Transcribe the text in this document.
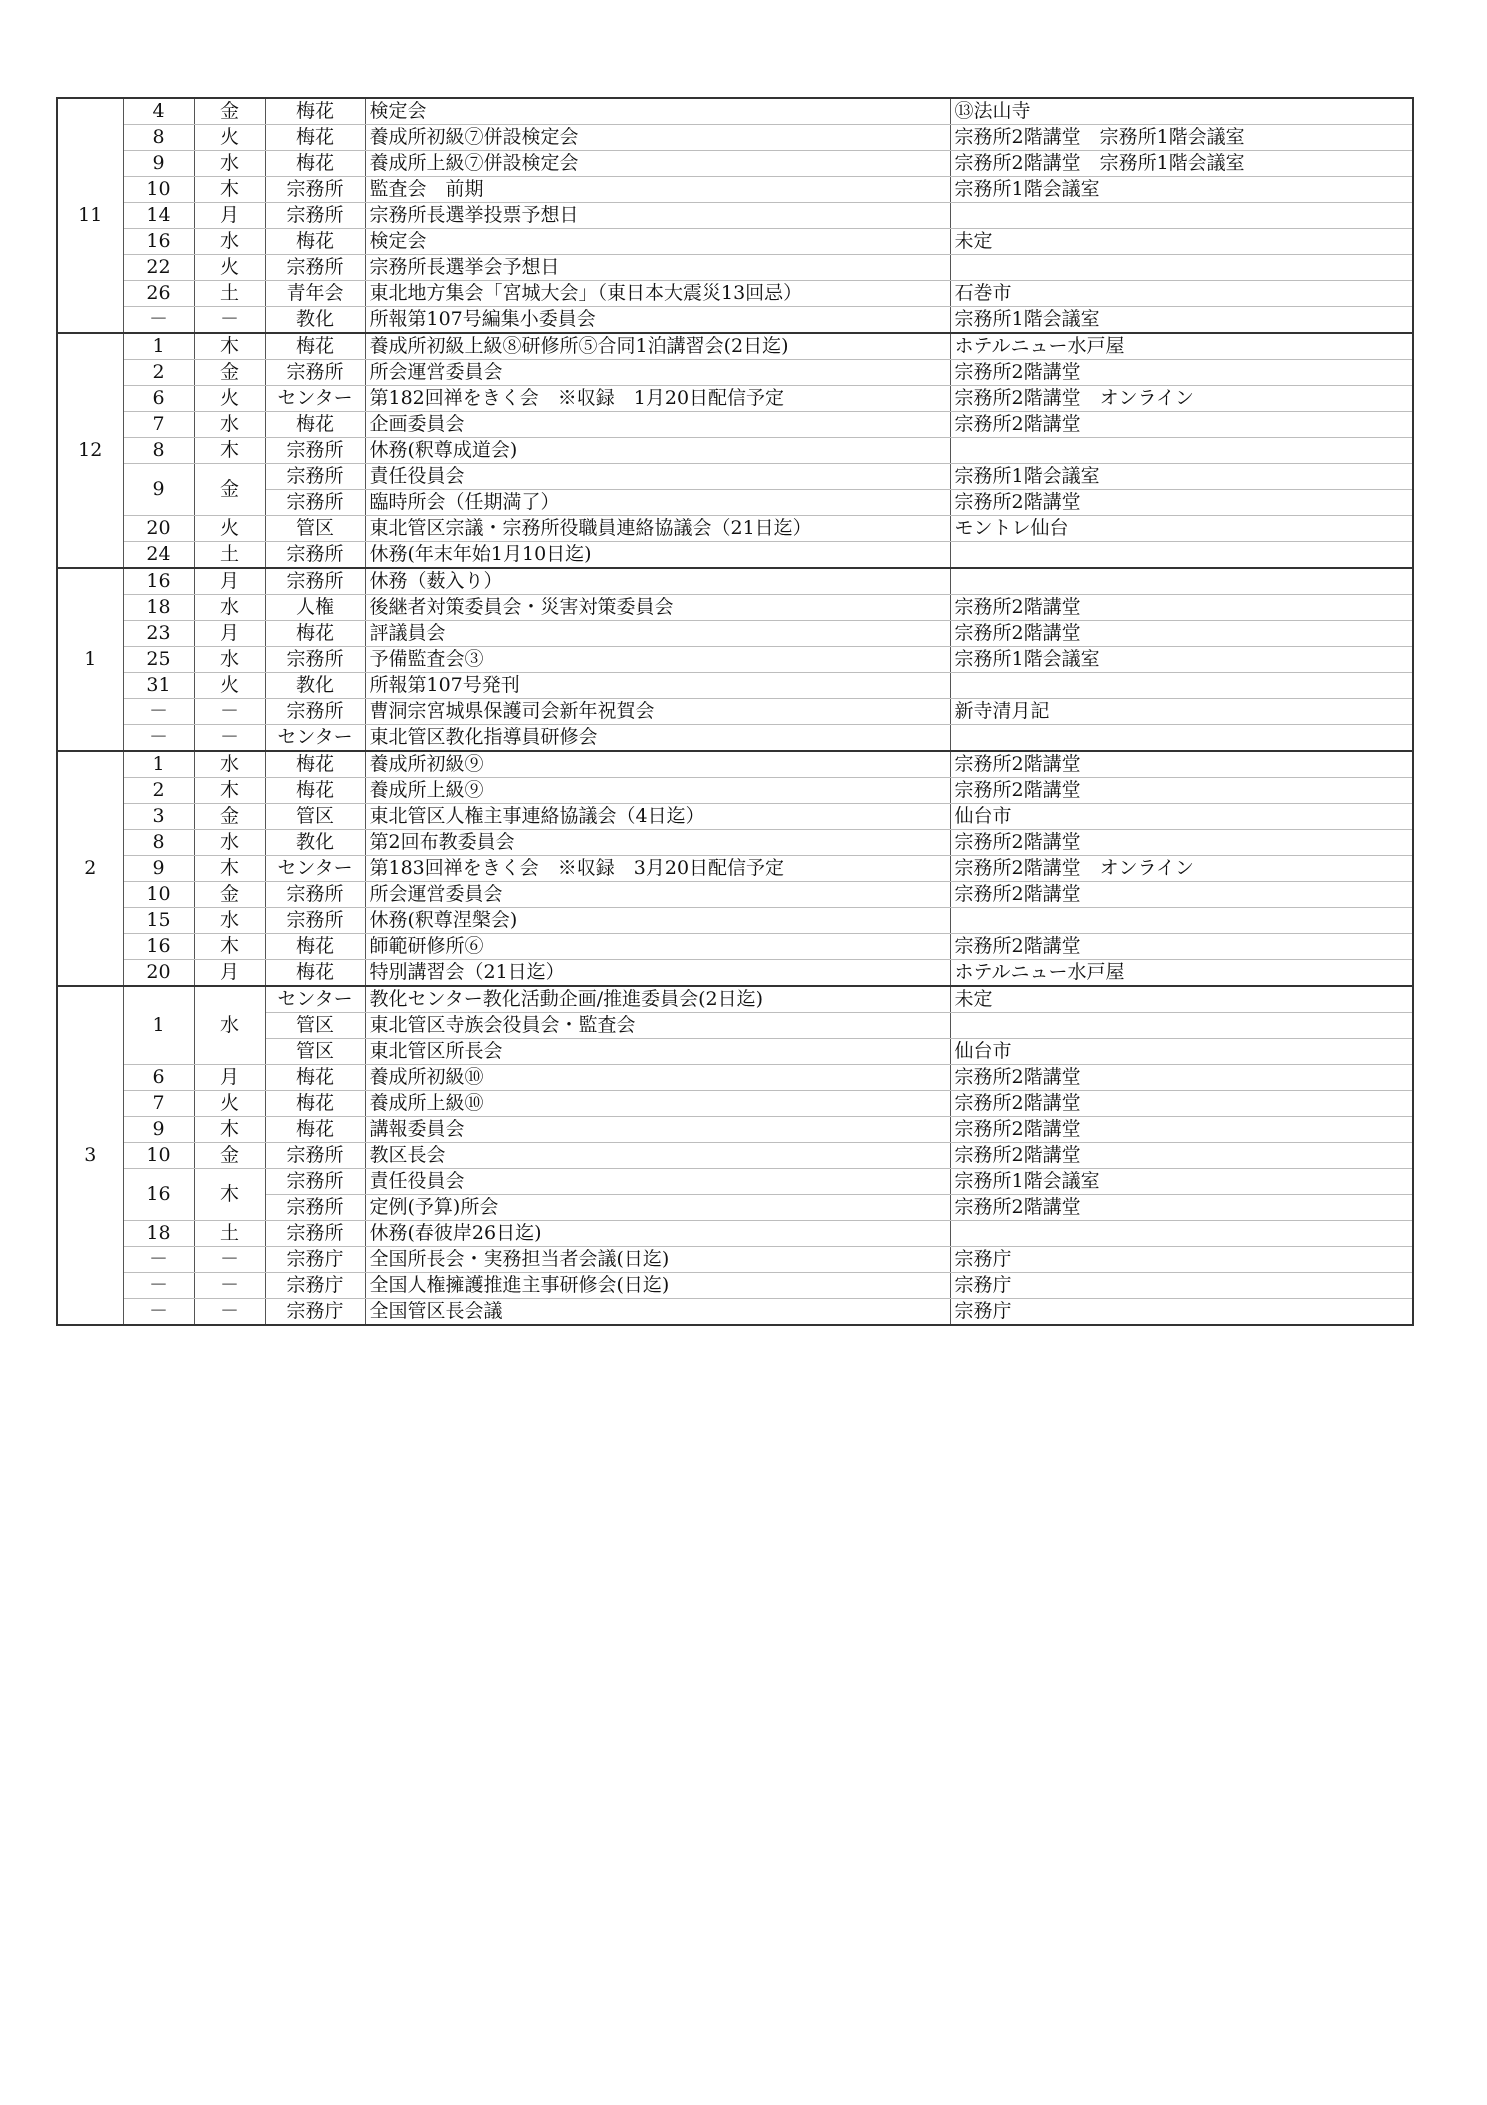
11	4	金	梅花	検定会	⑬法山寺
	8	火	梅花	養成所初級⑦併設検定会	宗務所2階講堂　宗務所1階会議室
	9	水	梅花	養成所上級⑦併設検定会	宗務所2階講堂　宗務所1階会議室
	10	木	宗務所	監査会　前期	宗務所1階会議室
	14	月	宗務所	宗務所長選挙投票予想日	
	16	水	梅花	検定会	未定
	22	火	宗務所	宗務所長選挙会予想日	
	26	土	青年会	東北地方集会「宮城大会」（東日本大震災13回忌）	石巻市
	－	－	教化	所報第107号編集小委員会	宗務所1階会議室
12	1	木	梅花	養成所初級上級⑧研修所⑤合同1泊講習会(2日迄)	ホテルニュー水戸屋
	2	金	宗務所	所会運営委員会	宗務所2階講堂
	6	火	センター	第182回禅をきく会　※収録　1月20日配信予定	宗務所2階講堂　オンライン
	7	水	梅花	企画委員会	宗務所2階講堂
	8	木	宗務所	休務(釈尊成道会)	
	9	金	宗務所	責任役員会	宗務所1階会議室
			宗務所	臨時所会（任期満了）	宗務所2階講堂
	20	火	管区	東北管区宗議・宗務所役職員連絡協議会（21日迄）	モントレ仙台
	24	土	宗務所	休務(年末年始1月10日迄)	
1	16	月	宗務所	休務（薮入り）	
	18	水	人権	後継者対策委員会・災害対策委員会	宗務所2階講堂
	23	月	梅花	評議員会	宗務所2階講堂
	25	水	宗務所	予備監査会③	宗務所1階会議室
	31	火	教化	所報第107号発刊	
	－	－	宗務所	曹洞宗宮城県保護司会新年祝賀会	新寺清月記
	－	－	センター	東北管区教化指導員研修会	
2	1	水	梅花	養成所初級⑨	宗務所2階講堂
	2	木	梅花	養成所上級⑨	宗務所2階講堂
	3	金	管区	東北管区人権主事連絡協議会（4日迄）	仙台市
	8	水	教化	第2回布教委員会	宗務所2階講堂
	9	木	センター	第183回禅をきく会　※収録　3月20日配信予定	宗務所2階講堂　オンライン
	10	金	宗務所	所会運営委員会	宗務所2階講堂
	15	水	宗務所	休務(釈尊涅槃会)	
	16	木	梅花	師範研修所⑥	宗務所2階講堂
	20	月	梅花	特別講習会（21日迄）	ホテルニュー水戸屋
3	1	水	センター	教化センター教化活動企画/推進委員会(2日迄)	未定
			管区	東北管区寺族会役員会・監査会	
			管区	東北管区所長会	仙台市
	6	月	梅花	養成所初級⑩	宗務所2階講堂
	7	火	梅花	養成所上級⑩	宗務所2階講堂
	9	木	梅花	講報委員会	宗務所2階講堂
	10	金	宗務所	教区長会	宗務所2階講堂
	16	木	宗務所	責任役員会	宗務所1階会議室
			宗務所	定例(予算)所会	宗務所2階講堂
	18	土	宗務所	休務(春彼岸26日迄)	
	－	－	宗務庁	全国所長会・実務担当者会議(日迄)	宗務庁
	－	－	宗務庁	全国人権擁護推進主事研修会(日迄)	宗務庁
	－	－	宗務庁	全国管区長会議	宗務庁
